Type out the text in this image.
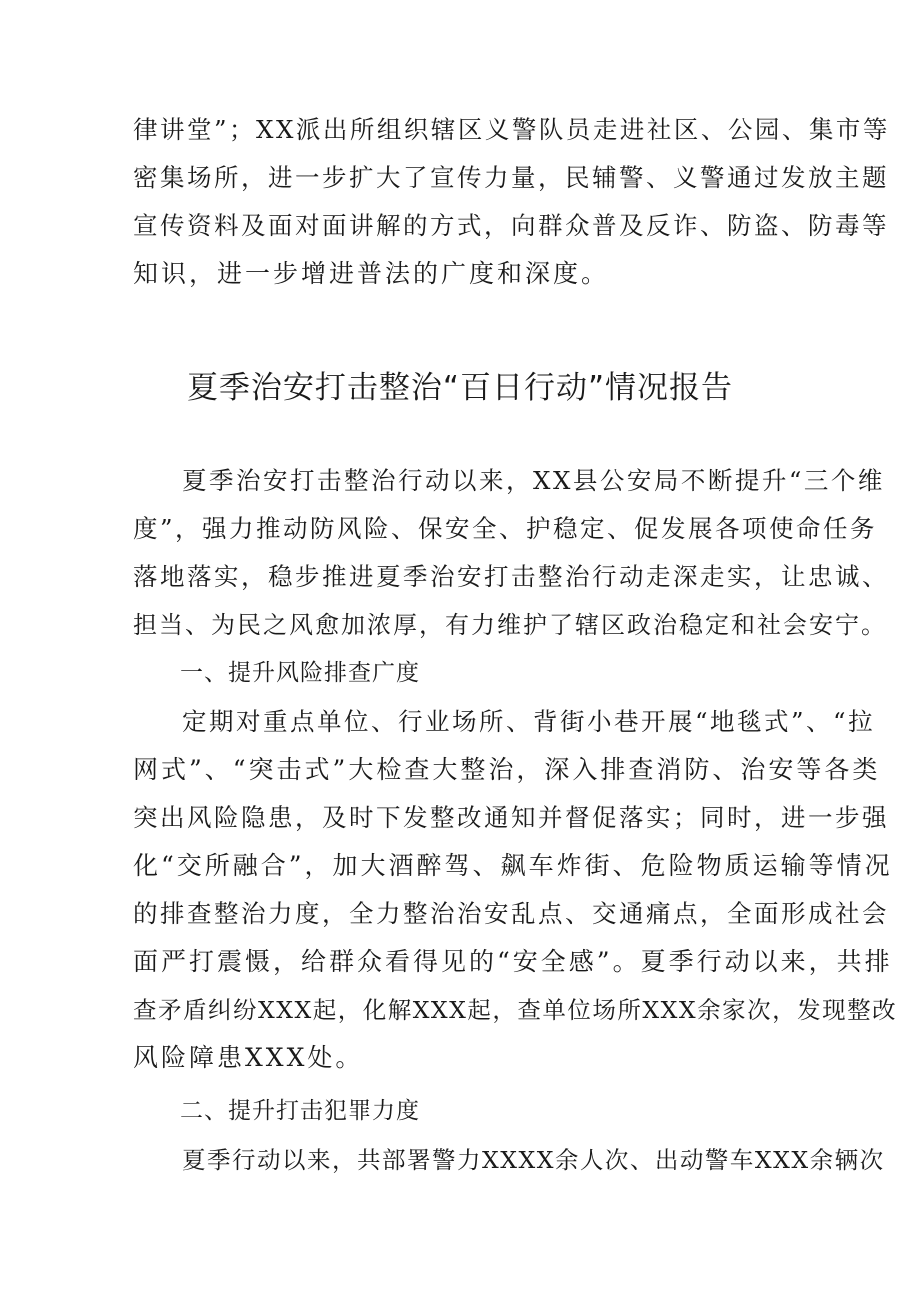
律讲堂”；XX派出所组织辖区义警队员走进社区、公园、集市等
密集场所，进一步扩大了宣传力量，民辅警、义警通过发放主题
宣传资料及面对面讲解的方式，向群众普及反诈、防盗、防毒等
知识，进一步增进普法的广度和深度。
夏季治安打击整治“百日行动”情况报告
夏季治安打击整治行动以来，XX县公安局不断提升“三个维
度”，强力推动防风险、保安全、护稳定、促发展各项使命任务
落地落实，稳步推进夏季治安打击整治行动走深走实，让忠诚、
担当、为民之风愈加浓厚，有力维护了辖区政治稳定和社会安宁。
一、提升风险排查广度
定期对重点单位、行业场所、背街小巷开展“地毯式”、“拉
网式”、“突击式”大检查大整治，深入排查消防、治安等各类
突出风险隐患，及时下发整改通知并督促落实；同时，进一步强
化“交所融合”，加大酒醉驾、飙车炸街、危险物质运输等情况
的排查整治力度，全力整治治安乱点、交通痛点，全面形成社会
面严打震慑，给群众看得见的“安全感”。夏季行动以来，共排
查矛盾纠纷XXX起，化解XXX起，查单位场所XXX余家次，发现整改
风险障患XXX处。
二、提升打击犯罪力度
夏季行动以来，共部署警力XXXX余人次、出动警车XXX余辆次
